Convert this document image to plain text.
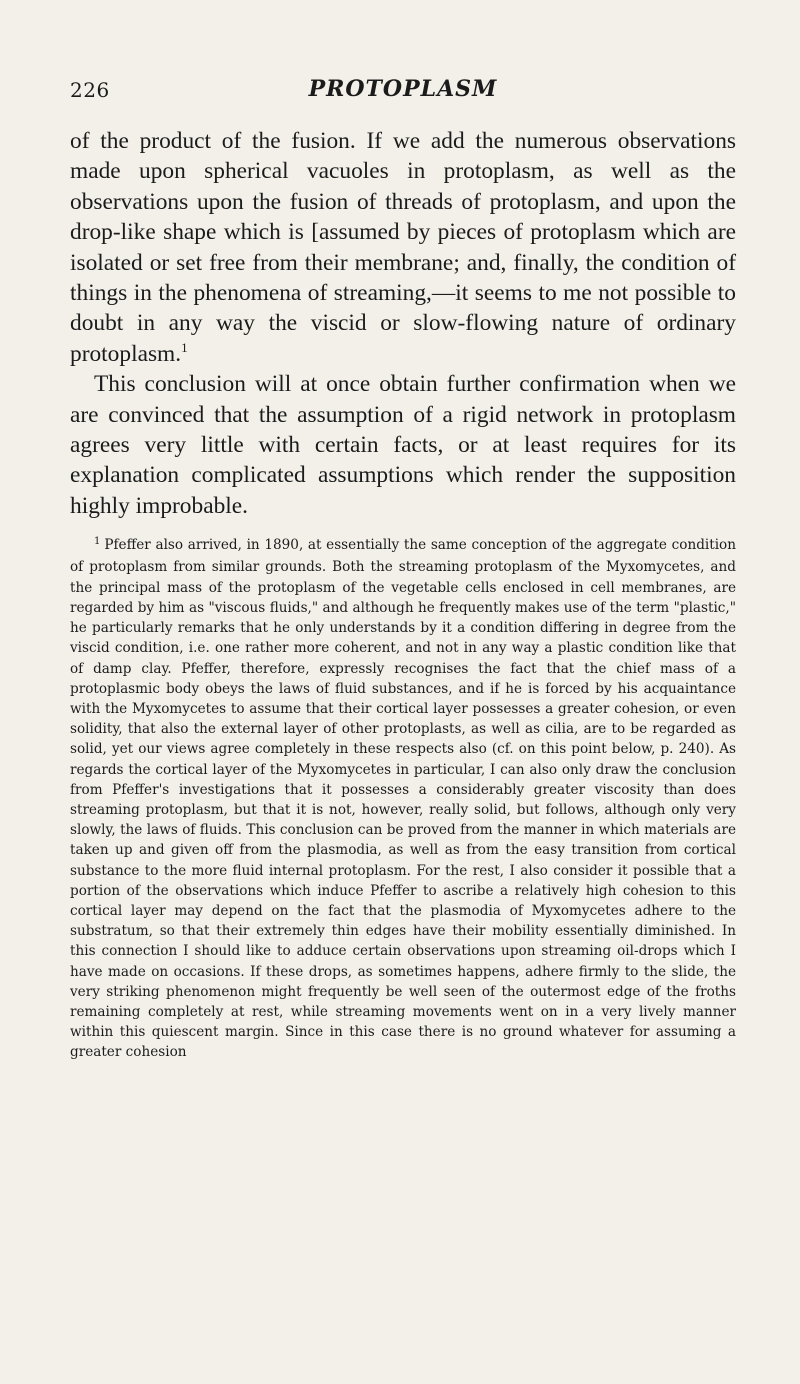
226	PROTOPLASM

of the product of the fusion. If we add the numerous observations made upon spherical vacuoles in protoplasm, as well as the observations upon the fusion of threads of protoplasm, and upon the drop-like shape which is [assumed by pieces of protoplasm which are isolated or set free from their membrane; and, finally, the condition of things in the phenomena of streaming,—it seems to me not possible to doubt in any way the viscid or slow-flowing nature of ordinary protoplasm.$^1$

This conclusion will at once obtain further confirmation when we are convinced that the assumption of a rigid network in protoplasm agrees very little with certain facts, or at least requires for its explanation complicated assumptions which render the supposition highly improbable.

$^1$ Pfeffer also arrived, in 1890, at essentially the same conception of the aggregate condition of protoplasm from similar grounds. Both the streaming protoplasm of the Myxomycetes, and the principal mass of the protoplasm of the vegetable cells enclosed in cell membranes, are regarded by him as "viscous fluids," and although he frequently makes use of the term "plastic," he particularly remarks that he only understands by it a condition differing in degree from the viscid condition, i.e. one rather more coherent, and not in any way a plastic condition like that of damp clay. Pfeffer, therefore, expressly recognises the fact that the chief mass of a protoplasmic body obeys the laws of fluid substances, and if he is forced by his acquaintance with the Myxomycetes to assume that their cortical layer possesses a greater cohesion, or even solidity, that also the external layer of other protoplasts, as well as cilia, are to be regarded as solid, yet our views agree completely in these respects also (cf. on this point below, p. 240). As regards the cortical layer of the Myxomycetes in particular, I can also only draw the conclusion from Pfeffer's investigations that it possesses a considerably greater viscosity than does streaming protoplasm, but that it is not, however, really solid, but follows, although only very slowly, the laws of fluids. This conclusion can be proved from the manner in which materials are taken up and given off from the plasmodia, as well as from the easy transition from cortical substance to the more fluid internal protoplasm. For the rest, I also consider it possible that a portion of the observations which induce Pfeffer to ascribe a relatively high cohesion to this cortical layer may depend on the fact that the plasmodia of Myxomycetes adhere to the substratum, so that their extremely thin edges have their mobility essentially diminished. In this connection I should like to adduce certain observations upon streaming oil-drops which I have made on occasions. If these drops, as sometimes happens, adhere firmly to the slide, the very striking phenomenon might frequently be well seen of the outermost edge of the froths remaining completely at rest, while streaming movements went on in a very lively manner within this quiescent margin. Since in this case there is no ground whatever for assuming a greater cohesion
